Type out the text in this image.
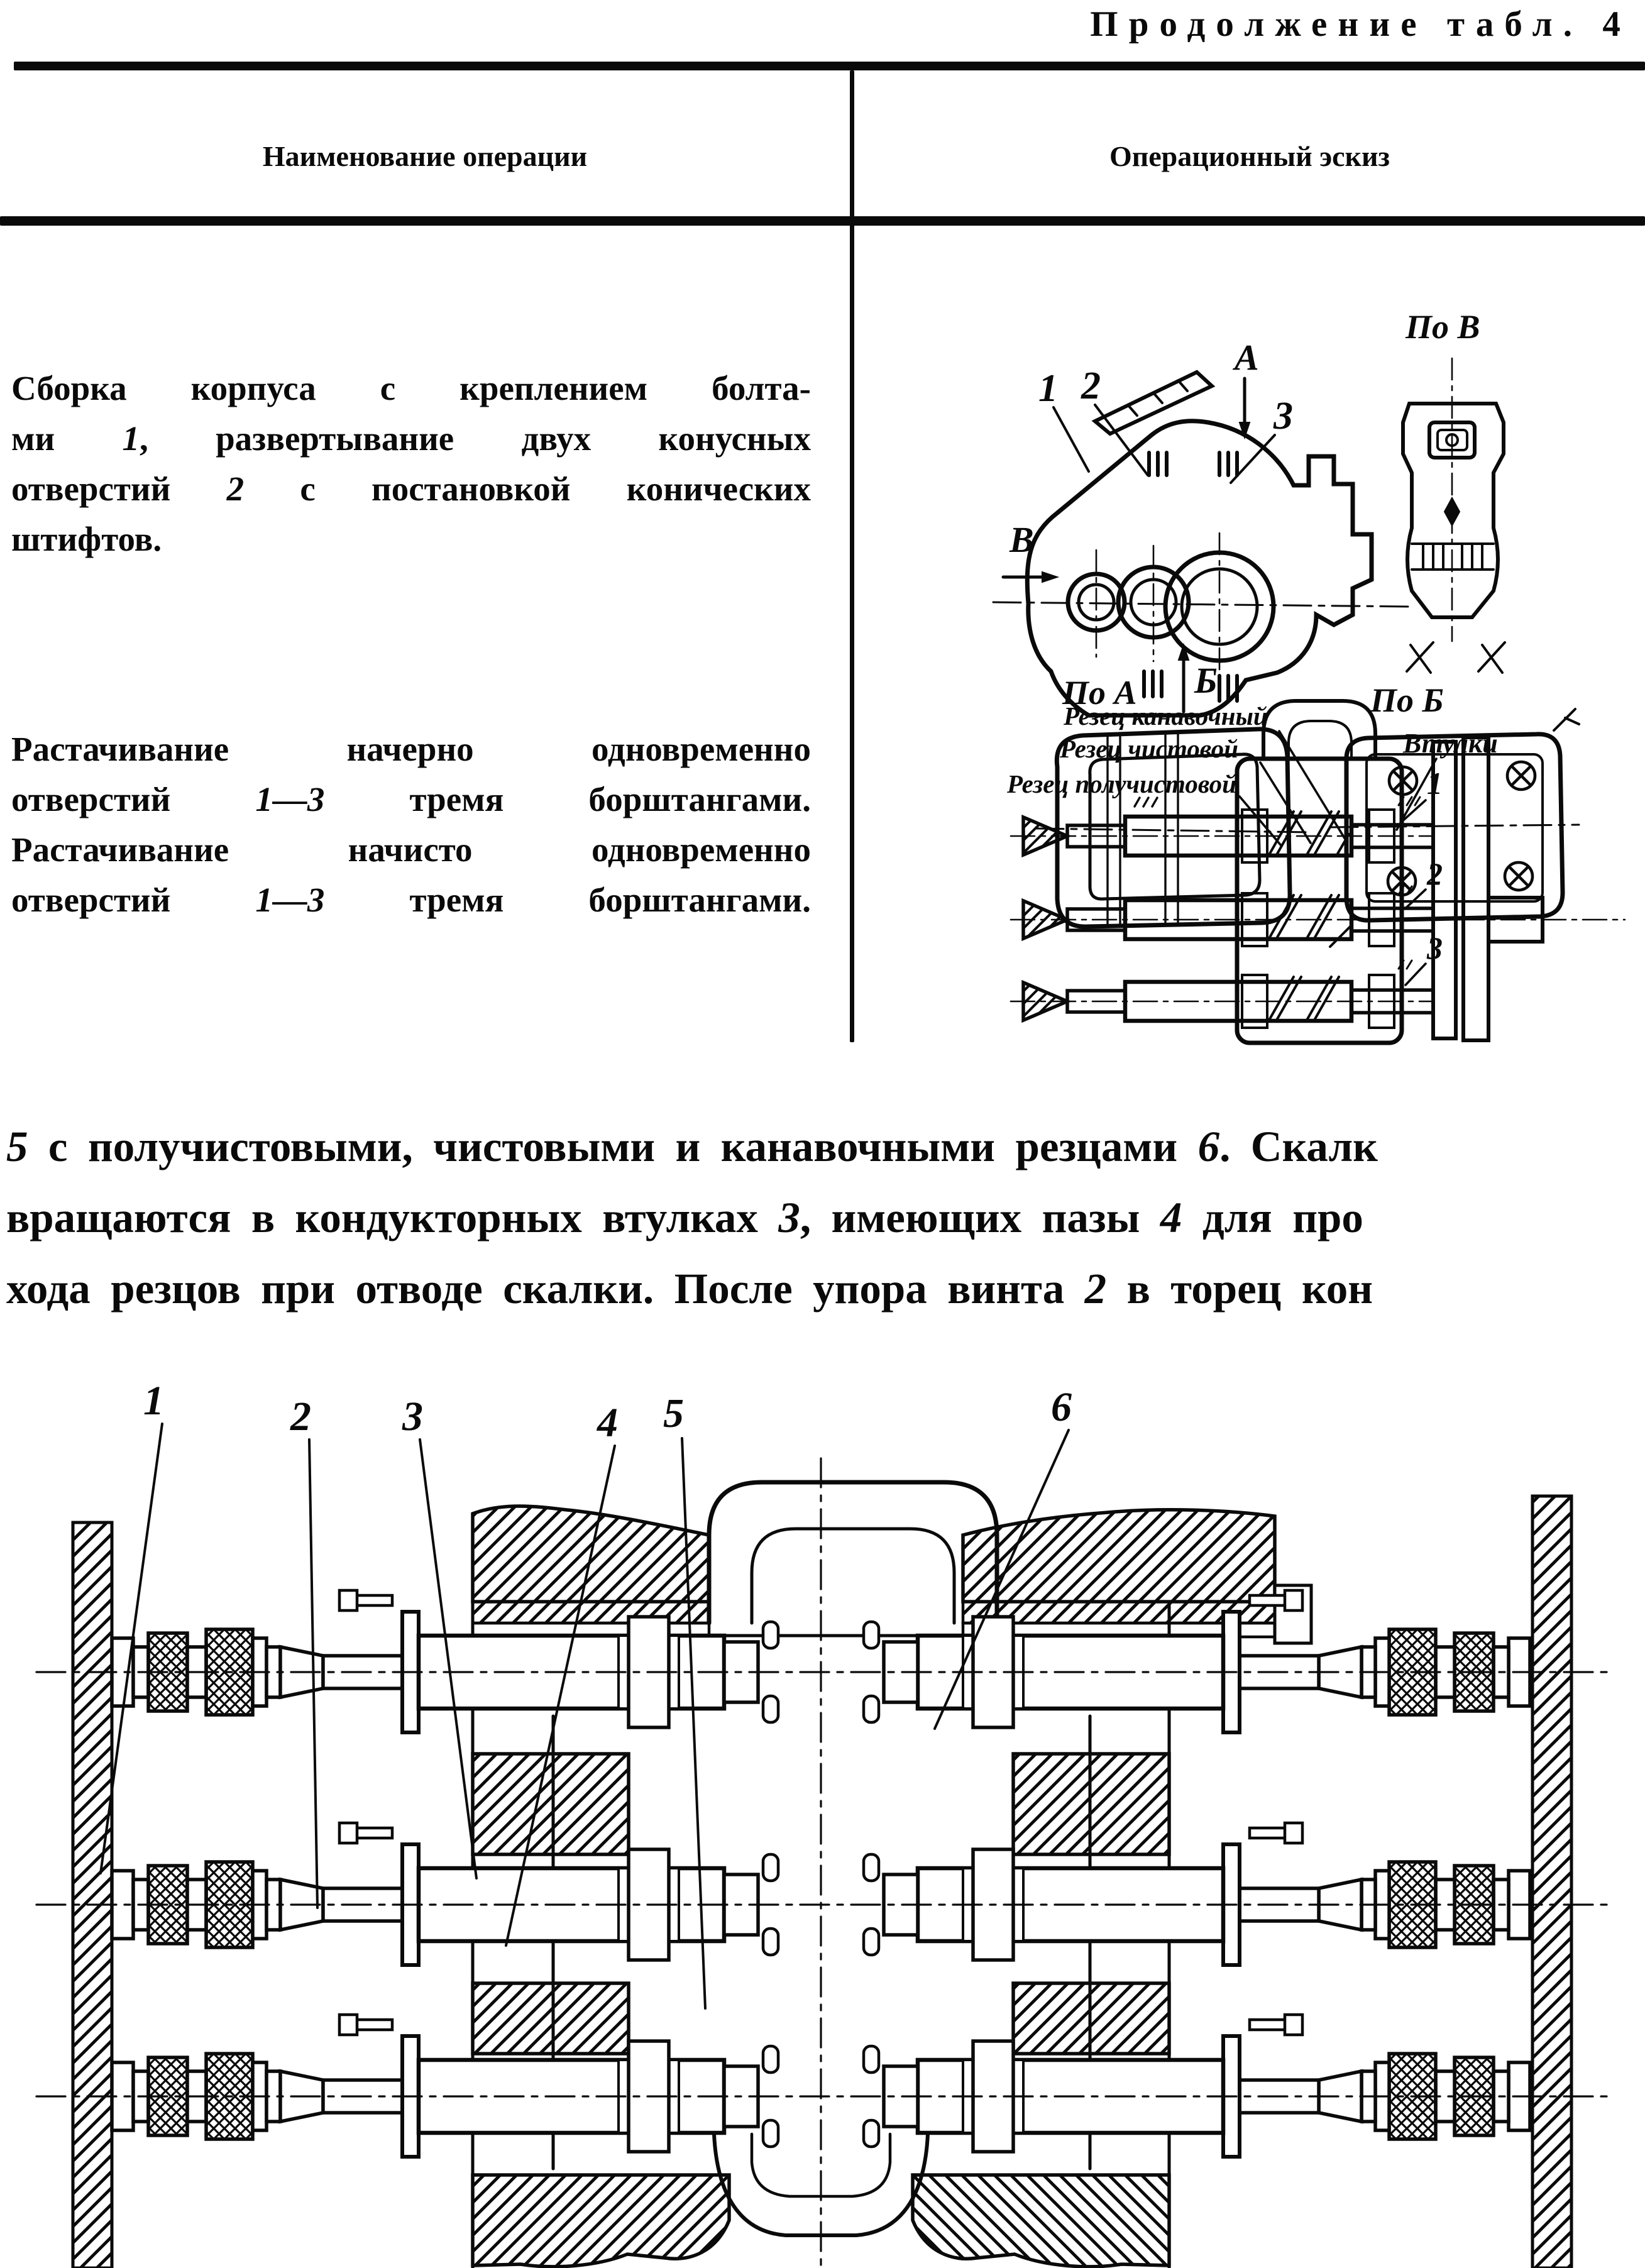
Продолжение табл. 4
Наименование операции	Операционный эскиз
Сборка корпуса с креплением болта-
ми 1, развертывание двух конусных
отверстий 2 с постановкой конических
штифтов.
Растачивание начерно одновременно
отверстий 1—3 тремя борштангами.
Растачивание начисто одновременно
отверстий 1—3 тремя борштангами.
1 2
3
А
В
Б
По В
По А	По Б
Резец канавочный
Резец чистовой
Резец получистовой
Втулки
1
2
3
5 с получистовыми, чистовыми и канавочными резцами 6. Скалк
вращаются в кондукторных втулках 3, имеющих пазы 4 для про
хода резцов при отводе скалки. После упора винта 2 в торец кон
1	2 3	4 5	6
